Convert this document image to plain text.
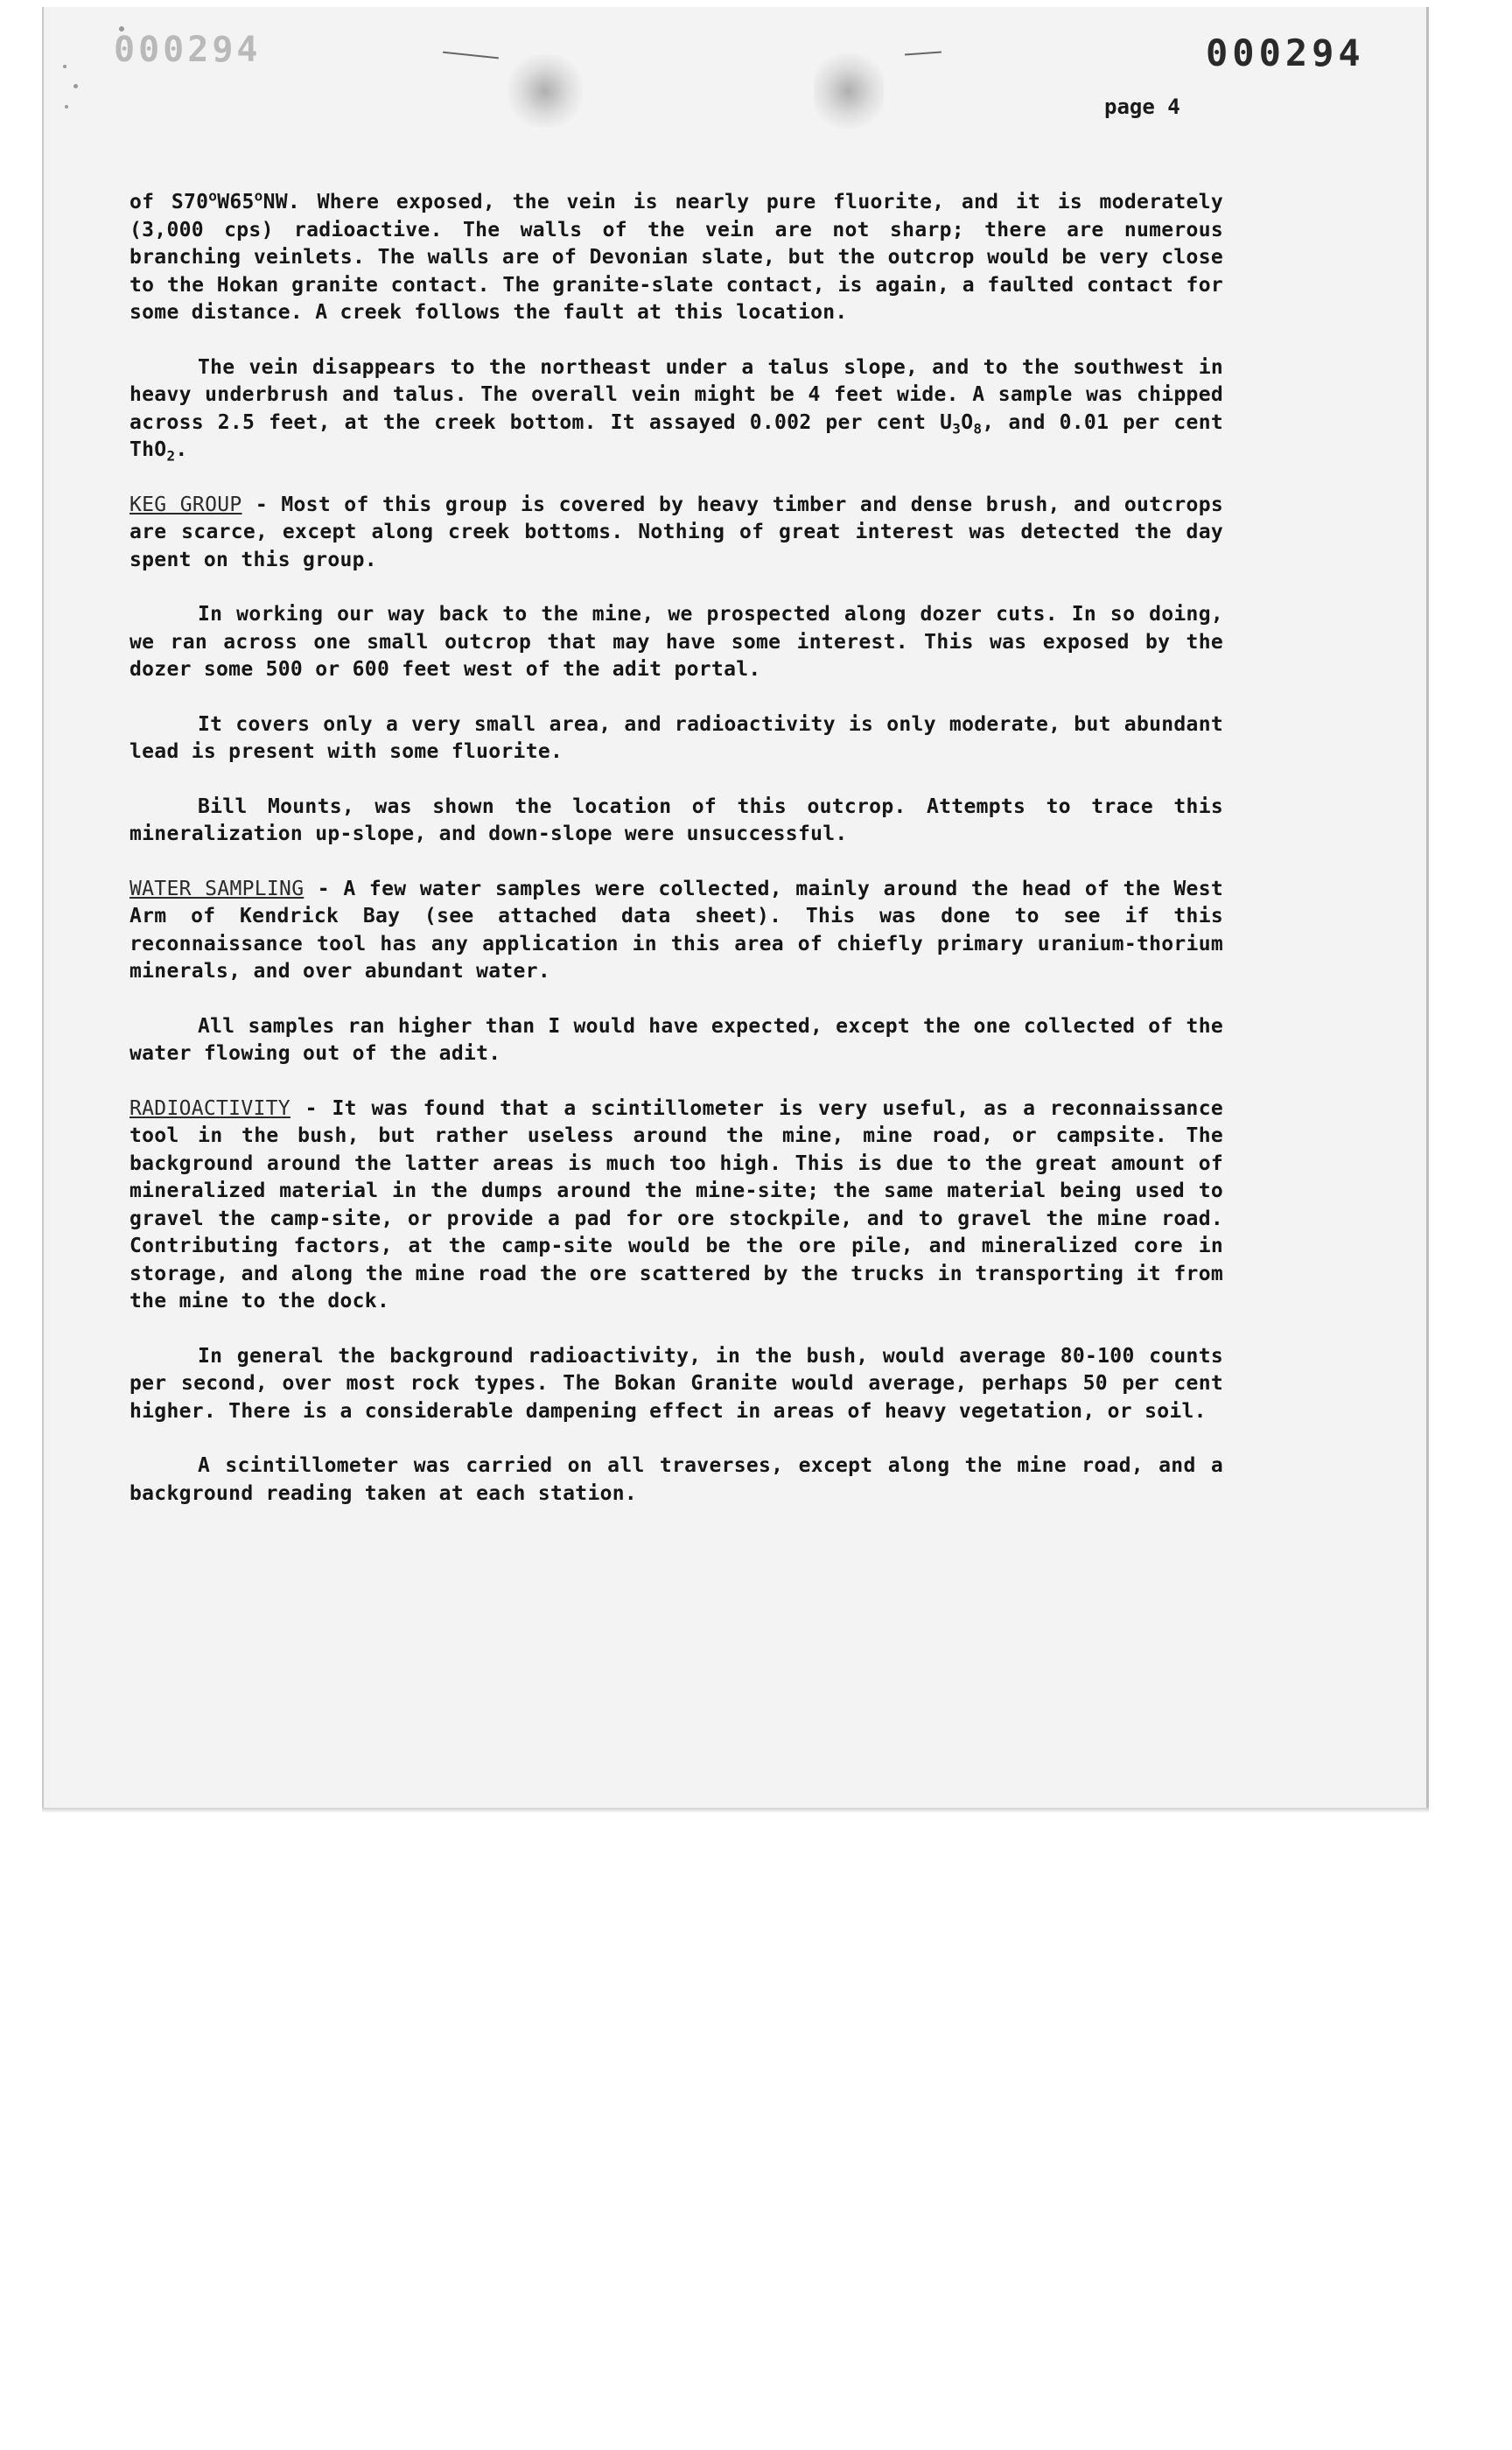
000294	000294
page 4

of S70$^o$W65$^o$NW. Where exposed, the vein is nearly pure fluorite, and it is moderately (3,000 cps) radioactive. The walls of the vein are not sharp; there are numerous branching veinlets. The walls are of Devonian slate, but the outcrop would be very close to the Hokan granite contact. The granite-slate contact, is again, a faulted contact for some distance. A creek follows the fault at this location.

The vein disappears to the northeast under a talus slope, and to the southwest in heavy underbrush and talus. The overall vein might be 4 feet wide. A sample was chipped across 2.5 feet, at the creek bottom. It assayed 0.002 per cent $U_3O_8$, and 0.01 per cent ThO$_2$.

KEG GROUP - Most of this group is covered by heavy timber and dense brush, and outcrops are scarce, except along creek bottoms. Nothing of great interest was detected the day spent on this group.

In working our way back to the mine, we prospected along dozer cuts. In so doing, we ran across one small outcrop that may have some interest. This was exposed by the dozer some 500 or 600 feet west of the adit portal.

It covers only a very small area, and radioactivity is only moderate, but abundant lead is present with some fluorite.

Bill Mounts, was shown the location of this outcrop. Attempts to trace this mineralization up-slope, and down-slope were unsuccessful.

WATER SAMPLING - A few water samples were collected, mainly around the head of the West Arm of Kendrick Bay (see attached data sheet). This was done to see if this reconnaissance tool has any application in this area of chiefly primary uranium-thorium minerals, and over abundant water.

All samples ran higher than I would have expected, except the one collected of the water flowing out of the adit.

RADIOACTIVITY - It was found that a scintillometer is very useful, as a reconnaissance tool in the bush, but rather useless around the mine, mine road, or campsite. The background around the latter areas is much too high. This is due to the great amount of mineralized material in the dumps around the mine-site; the same material being used to gravel the camp-site, or provide a pad for ore stockpile, and to gravel the mine road. Contributing factors, at the camp-site would be the ore pile, and mineralized core in storage, and along the mine road the ore scattered by the trucks in transporting it from the mine to the dock.

In general the background radioactivity, in the bush, would average 80-100 counts per second, over most rock types. The Bokan Granite would average, perhaps 50 per cent higher. There is a considerable dampening effect in areas of heavy vegetation, or soil.

A scintillometer was carried on all traverses, except along the mine road, and a background reading taken at each station.
